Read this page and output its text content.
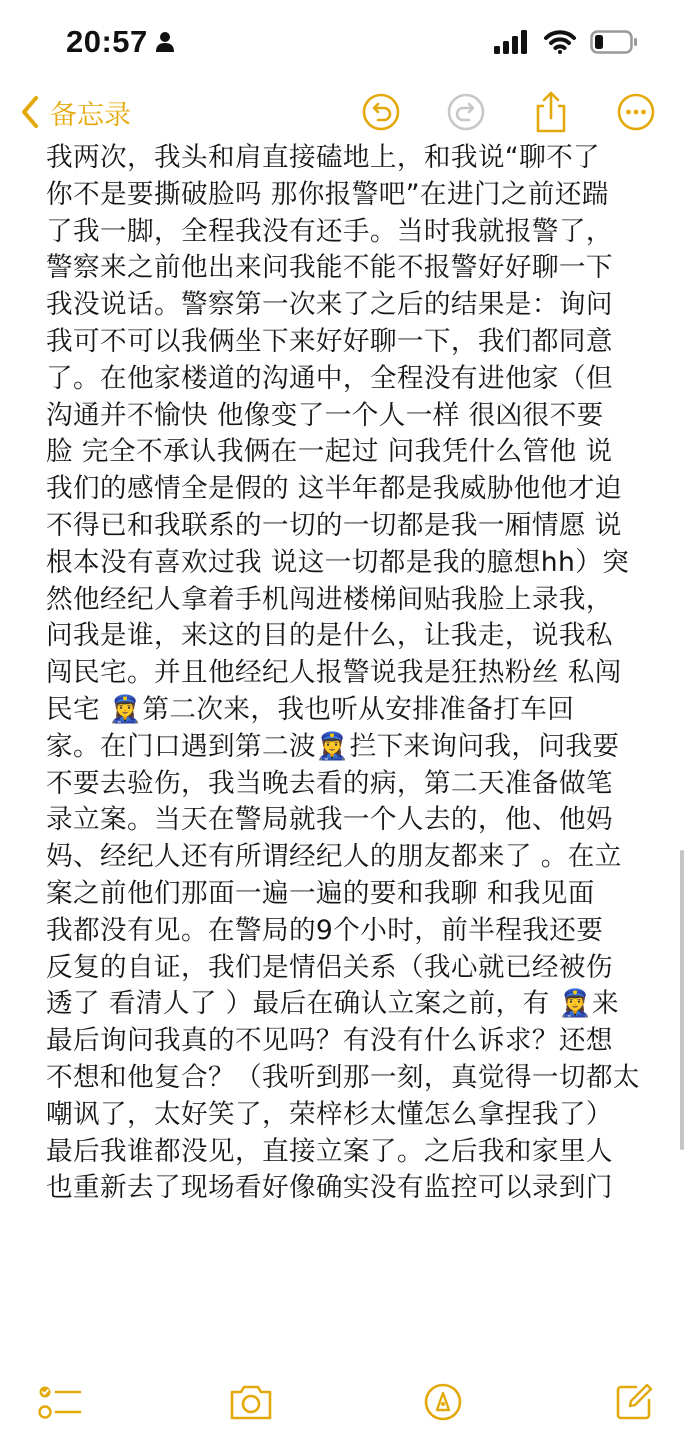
20:57
备忘录

我两次，我头和肩直接磕地上，和我说“聊不了

你不是要撕破脸吗 那你报警吧”在进门之前还踹

了我一脚，全程我没有还手。当时我就报警了，

警察来之前他出来问我能不能不报警好好聊一下

我没说话。警察第一次来了之后的结果是：询问

我可不可以我俩坐下来好好聊一下，我们都同意

了。在他家楼道的沟通中，全程没有进他家（但

沟通并不愉快 他像变了一个人一样 很凶很不要

脸 完全不承认我俩在一起过 问我凭什么管他 说

我们的感情全是假的 这半年都是我威胁他他才迫

不得已和我联系的一切的一切都是我一厢情愿 说

根本没有喜欢过我 说这一切都是我的臆想hh）突

然他经纪人拿着手机闯进楼梯间贴我脸上录我，

问我是谁，来这的目的是什么，让我走，说我私

闯民宅。并且他经纪人报警说我是狂热粉丝 私闯

民宅 👮‍♀️第二次来，我也听从安排准备打车回

家。在门口遇到第二波👮‍♀️拦下来询问我，问我要

不要去验伤，我当晚去看的病，第二天准备做笔

录立案。当天在警局就我一个人去的，他、他妈

妈、经纪人还有所谓经纪人的朋友都来了 。在立

案之前他们那面一遍一遍的要和我聊 和我见面

我都没有见。在警局的9个小时，前半程我还要

反复的自证，我们是情侣关系（我心就已经被伤

透了 看清人了 ）最后在确认立案之前，有 👮‍♀️来

最后询问我真的不见吗？有没有什么诉求？还想

不想和他复合？（我听到那一刻，真觉得一切都太

嘲讽了，太好笑了，荣梓杉太懂怎么拿捏我了）

最后我谁都没见，直接立案了。之后我和家里人

也重新去了现场看好像确实没有监控可以录到门
